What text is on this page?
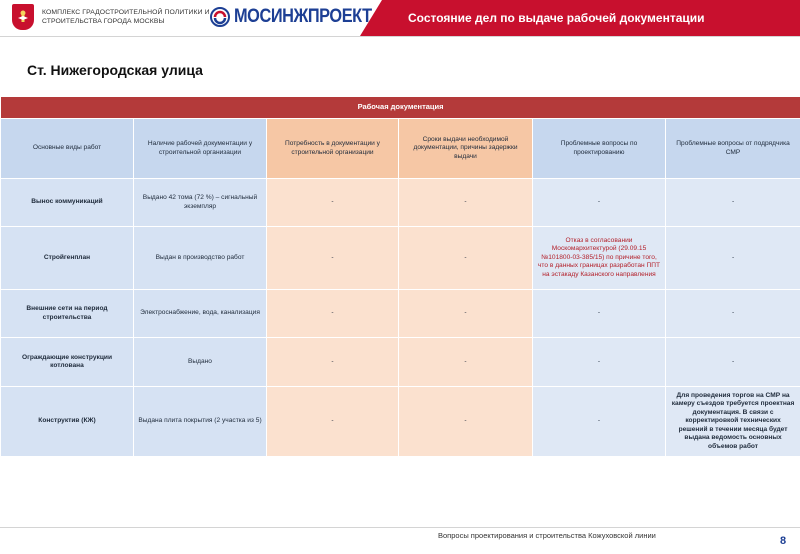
КОМПЛЕКС ГРАДОСТРОИТЕЛЬНОЙ ПОЛИТИКИ И
СТРОИТЕЛЬСТВА ГОРОДА МОСКВЫ	МОСИНЖПРОЕКТ	Состояние дел по выдаче рабочей документации
Ст. Нижегородская улица
Рабочая документация					
Основные виды работ	Наличие рабочей документации у строительной организации	Потребность в документации у строительной организации	Сроки выдачи необходимой документации, причины задержки выдачи	Проблемные вопросы по проектированию	Проблемные вопросы от подрядчика СМР
Вынос коммуникаций	Выдано 42 тома (72 %) – сигнальный экземпляр	-	-	-	-
Стройгенплан	Выдан в производство работ	-	-	Отказ в согласовании Москомархитектурой (29.09.15 №101800-03-385/15) по причине того, что в данных границах разработан ППТ на эстакаду Казанского направления	-
Внешние сети на период строительства	Электроснабжение, вода, канализация	-	-	-	-
Ограждающие конструкции котлована	Выдано	-	-	-	-
Конструктив (КЖ)	Выдана плита покрытия (2 участка из 5)	-	-	-	Для проведения торгов на СМР на камеру съездов требуется проектная документация. В связи с корректировкой технических решений в течении месяца будет выдана ведомость основных объемов работ
Вопросы проектирования и строительства Кожуховской линии	8
